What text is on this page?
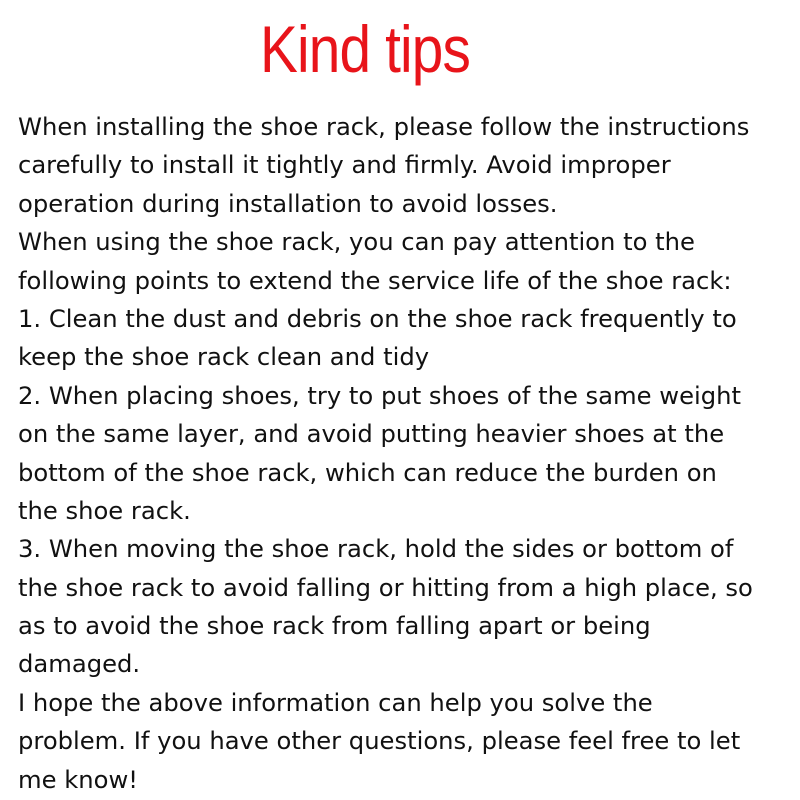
Kind tips
When installing the shoe rack, please follow the instructions
carefully to install it tightly and firmly. Avoid improper
operation during installation to avoid losses.
When using the shoe rack, you can pay attention to the
following points to extend the service life of the shoe rack:
1. Clean the dust and debris on the shoe rack frequently to
keep the shoe rack clean and tidy
2. When placing shoes, try to put shoes of the same weight
on the same layer, and avoid putting heavier shoes at the
bottom of the shoe rack, which can reduce the burden on
the shoe rack.
3. When moving the shoe rack, hold the sides or bottom of
the shoe rack to avoid falling or hitting from a high place, so
as to avoid the shoe rack from falling apart or being
damaged.
I hope the above information can help you solve the
problem. If you have other questions, please feel free to let
me know!
